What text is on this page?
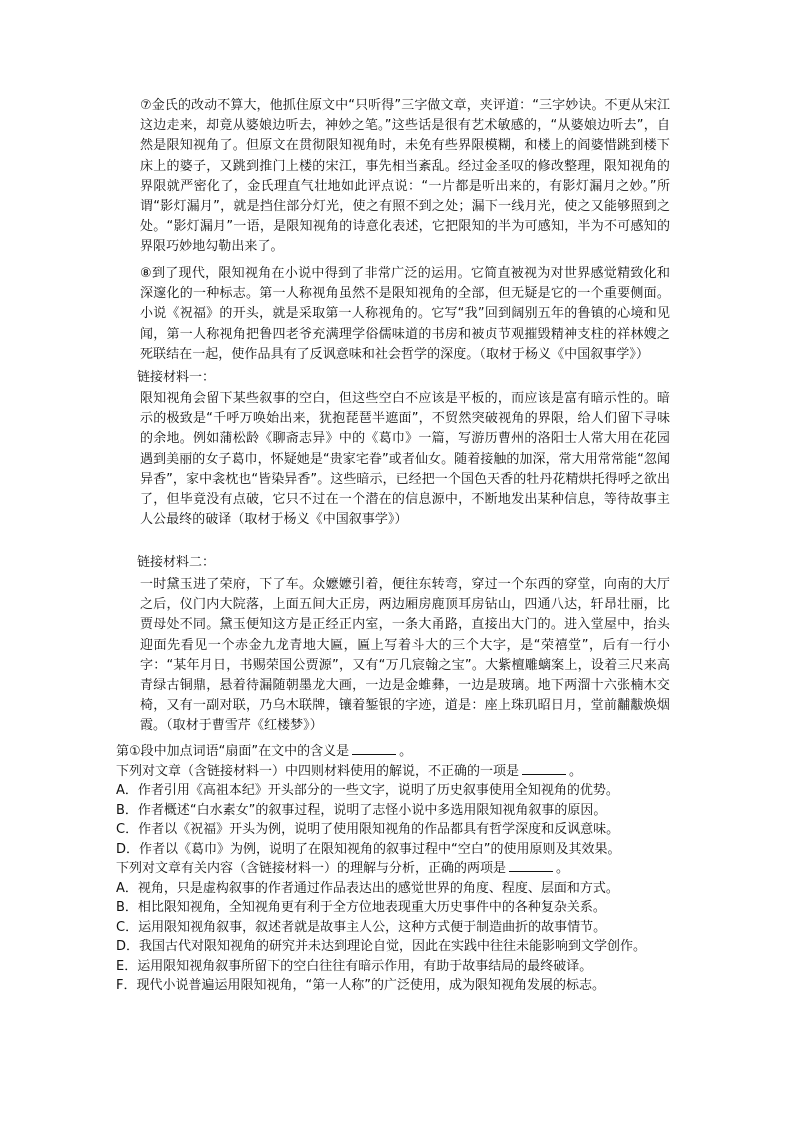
⑦金氏的改动不算大，他抓住原文中“只听得”三字做文章，夹评道：“三字妙诀。不更从宋江这边走来，却竟从婆娘边听去，神妙之笔。”这些话是很有艺术敏感的，“从婆娘边听去”，自然是限知视角了。但原文在贯彻限知视角时，未免有些界限模糊，和楼上的阎婆惜跳到楼下床上的婆子，又跳到推门上楼的宋江，事先相当紊乱。经过金圣叹的修改整理，限知视角的界限就严密化了，金氏理直气壮地如此评点说：“一片都是听出来的，有影灯漏月之妙。”所谓“影灯漏月”，就是挡住部分灯光，使之有照不到之处；漏下一线月光，使之又能够照到之处。“影灯漏月”一语，是限知视角的诗意化表述，它把限知的半为可感知，半为不可感知的界限巧妙地勾勒出来了。

⑧到了现代，限知视角在小说中得到了非常广泛的运用。它简直被视为对世界感觉精致化和深邃化的一种标志。第一人称视角虽然不是限知视角的全部，但无疑是它的一个重要侧面。小说《祝福》的开头，就是采取第一人称视角的。它写“我”回到阔别五年的鲁镇的心境和见闻，第一人称视角把鲁四老爷充满理学俗儒味道的书房和被贞节观摧毁精神支柱的祥林嫂之死联结在一起，使作品具有了反讽意味和社会哲学的深度。（取材于杨义《中国叙事学》）

链接材料一：

限知视角会留下某些叙事的空白，但这些空白不应该是平板的，而应该是富有暗示性的。暗示的极致是“千呼万唤始出来，犹抱琵琶半遮面”，不贸然突破视角的界限，给人们留下寻味的余地。例如蒲松龄《聊斋志异》中的《葛巾》一篇，写游历曹州的洛阳士人常大用在花园遇到美丽的女子葛巾，怀疑她是“贵家宅眷”或者仙女。随着接触的加深，常大用常常能“忽闻异香”，家中衾枕也“皆染异香”。这些暗示，已经把一个国色天香的牡丹花精烘托得呼之欲出了，但毕竟没有点破，它只不过在一个潜在的信息源中，不断地发出某种信息，等待故事主人公最终的破译（取材于杨义《中国叙事学》）

链接材料二：

一时黛玉进了荣府，下了车。众嬷嬷引着，便往东转弯，穿过一个东西的穿堂，向南的大厅之后，仪门内大院落，上面五间大正房，两边厢房鹿顶耳房钻山，四通八达，轩昂壮丽，比贾母处不同。黛玉便知这方是正经正内室，一条大甬路，直接出大门的。进入堂屋中，抬头迎面先看见一个赤金九龙青地大匾，匾上写着斗大的三个大字，是“荣禧堂”，后有一行小字：“某年月日，书赐荣国公贾源”，又有“万几宸翰之宝”。大紫檀雕螭案上，设着三尺来高青绿古铜鼎，悬着待漏随朝墨龙大画，一边是金蜼彝，一边是玻璃。地下两溜十六张楠木交椅，又有一副对联，乃乌木联牌，镶着錾银的字迹，道是：座上珠玑昭日月，堂前黼黻焕烟霞。（取材于曹雪芹《红楼梦》）

第①段中加点词语“扇面”在文中的含义是	。

下列对文章（含链接材料一）中四则材料使用的解说，不正确的一项是	。

A．作者引用《高祖本纪》开头部分的一些文字，说明了历史叙事使用全知视角的优势。

B．作者概述“白水素女”的叙事过程，说明了志怪小说中多选用限知视角叙事的原因。

C．作者以《祝福》开头为例，说明了使用限知视角的作品都具有哲学深度和反讽意味。

D．作者以《葛巾》为例，说明了在限知视角的叙事过程中“空白”的使用原则及其效果。

下列对文章有关内容（含链接材料一）的理解与分析，正确的两项是	。

A．视角，只是虚构叙事的作者通过作品表达出的感觉世界的角度、程度、层面和方式。

B．相比限知视角，全知视角更有利于全方位地表现重大历史事件中的各种复杂关系。

C．运用限知视角叙事，叙述者就是故事主人公，这种方式便于制造曲折的故事情节。

D．我国古代对限知视角的研究并未达到理论自觉，因此在实践中往往未能影响到文学创作。

E．运用限知视角叙事所留下的空白往往有暗示作用，有助于故事结局的最终破译。

F．现代小说普遍运用限知视角，“第一人称”的广泛使用，成为限知视角发展的标志。
